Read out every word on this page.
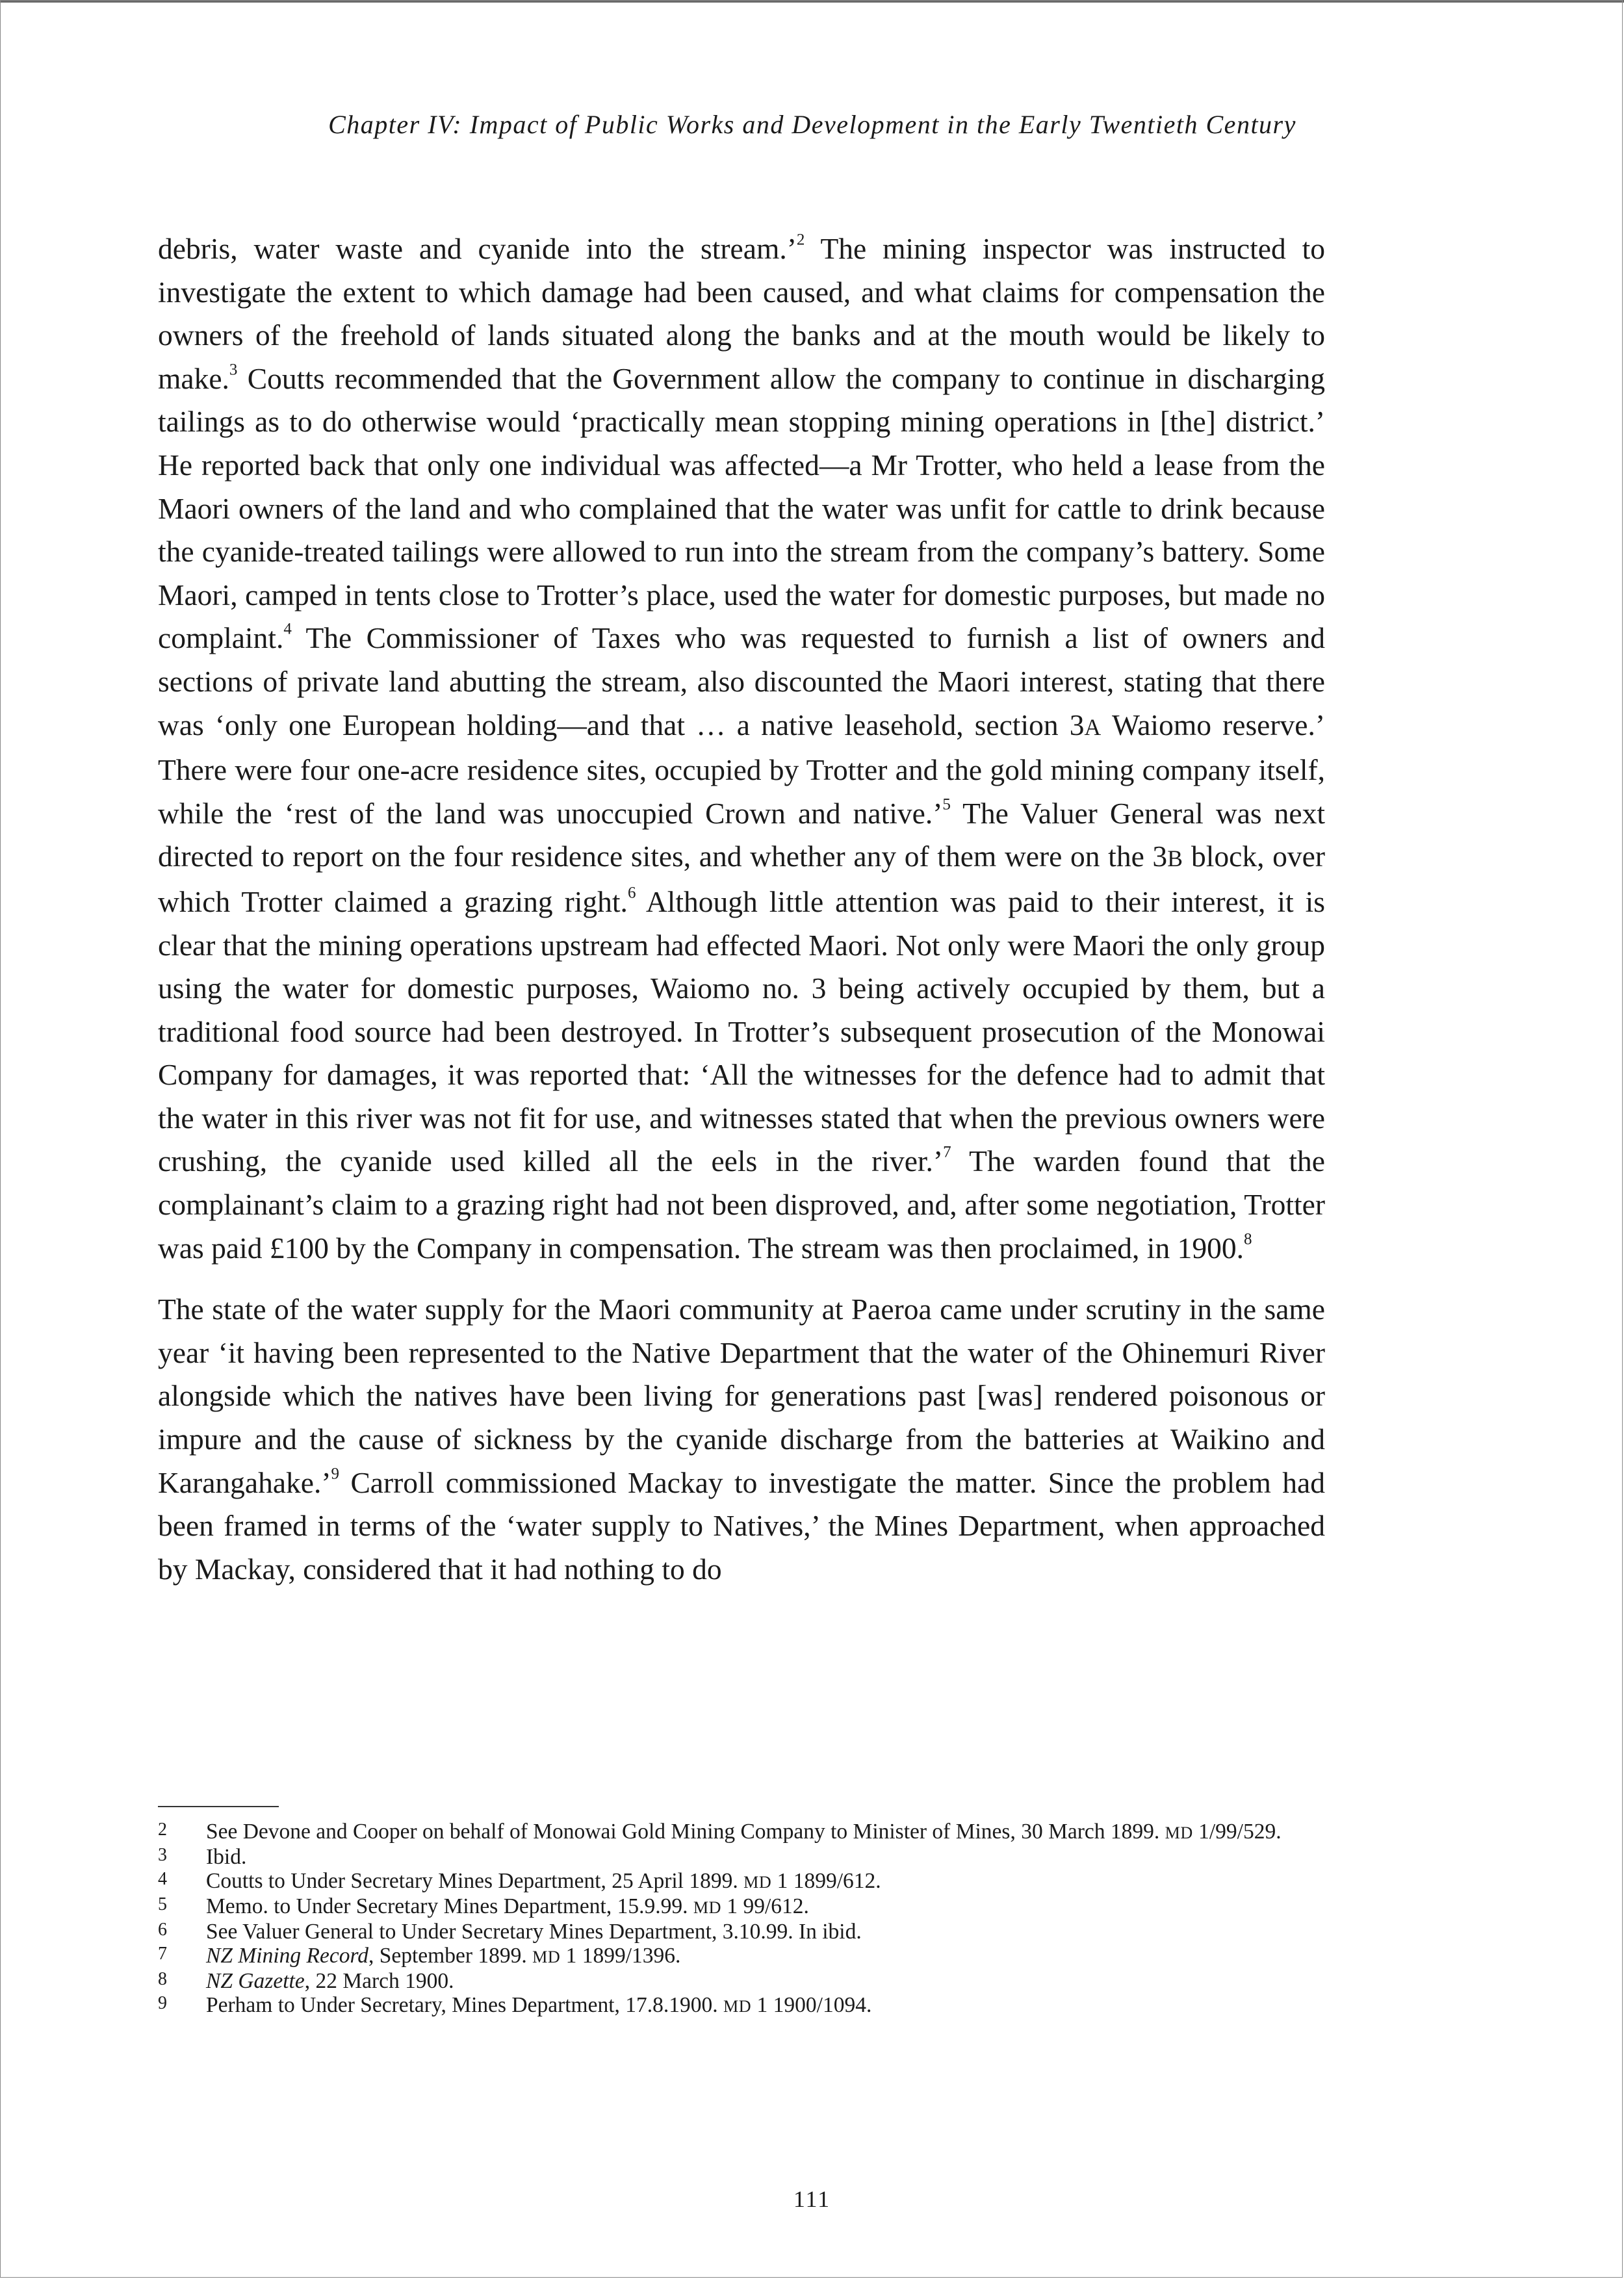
Chapter IV: Impact of Public Works and Development in the Early Twentieth Century

debris, water waste and cyanide into the stream.’$^2$ The mining inspector was instructed to investigate the extent to which damage had been caused, and what claims for compensation the owners of the freehold of lands situated along the banks and at the mouth would be likely to make.$^3$ Coutts recommended that the Government allow the company to continue in discharging tailings as to do otherwise would ‘practically mean stopping mining operations in [the] district.’ He reported back that only one individual was affected—a Mr Trotter, who held a lease from the Maori owners of the land and who complained that the water was unfit for cattle to drink because the cyanide-treated tailings were allowed to run into the stream from the company’s battery. Some Maori, camped in tents close to Trotter’s place, used the water for domestic purposes, but made no complaint.$^4$ The Commissioner of Taxes who was requested to furnish a list of owners and sections of private land abutting the stream, also discounted the Maori interest, stating that there was ‘only one European holding—and that … a native leasehold, section 3A Waiomo reserve.’ There were four one-acre residence sites, occupied by Trotter and the gold mining company itself, while the ‘rest of the land was unoccupied Crown and native.’$^5$ The Valuer General was next directed to report on the four residence sites, and whether any of them were on the 3B block, over which Trotter claimed a grazing right.$^6$ Although little attention was paid to their interest, it is clear that the mining operations upstream had effected Maori. Not only were Maori the only group using the water for domestic purposes, Waiomo no. 3 being actively occupied by them, but a traditional food source had been destroyed. In Trotter’s subsequent prosecution of the Monowai Company for damages, it was reported that: ‘All the witnesses for the defence had to admit that the water in this river was not fit for use, and witnesses stated that when the previous owners were crushing, the cyanide used killed all the eels in the river.’$^7$ The warden found that the complainant’s claim to a grazing right had not been disproved, and, after some negotiation, Trotter was paid £100 by the Company in compensation. The stream was then proclaimed, in 1900.$^8$

The state of the water supply for the Maori community at Paeroa came under scrutiny in the same year ‘it having been represented to the Native Department that the water of the Ohinemuri River alongside which the natives have been living for generations past [was] rendered poisonous or impure and the cause of sickness by the cyanide discharge from the batteries at Waikino and Karangahake.’$^9$ Carroll commissioned Mackay to investigate the matter. Since the problem had been framed in terms of the ‘water supply to Natives,’ the Mines Department, when approached by Mackay, considered that it had nothing to do

2	See Devone and Cooper on behalf of Monowai Gold Mining Company to Minister of Mines, 30 March 1899. MD 1/99/529.
3	Ibid.
4	Coutts to Under Secretary Mines Department, 25 April 1899. MD 1 1899/612.
5	Memo. to Under Secretary Mines Department, 15.9.99. MD 1 99/612.
6	See Valuer General to Under Secretary Mines Department, 3.10.99. In ibid.
7	NZ Mining Record, September 1899. MD 1 1899/1396.
8	NZ Gazette, 22 March 1900.
9	Perham to Under Secretary, Mines Department, 17.8.1900. MD 1 1900/1094.
111
